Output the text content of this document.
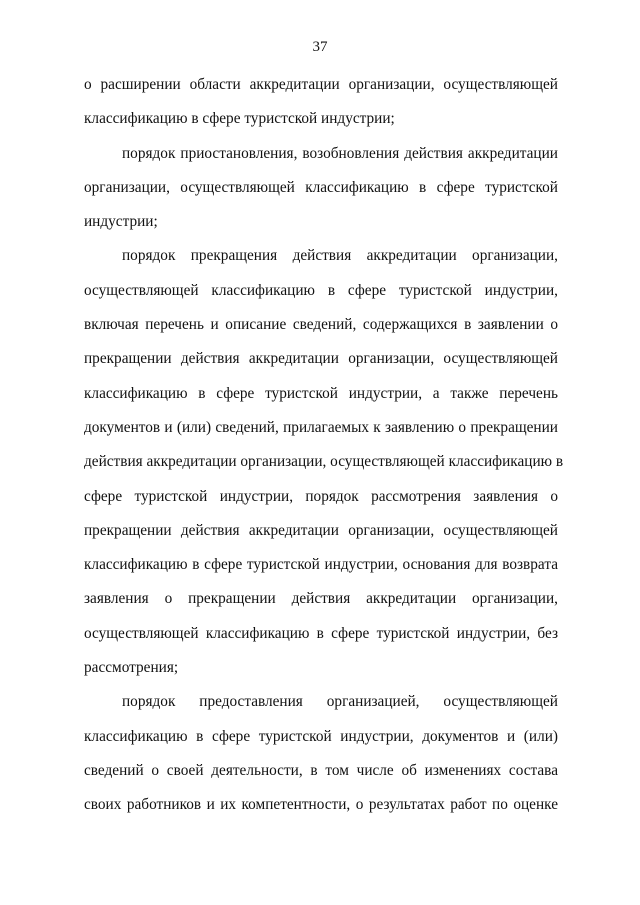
37

о расширении области аккредитации организации, осуществляющей
классификацию в сфере туристской индустрии;

порядок приостановления, возобновления действия аккредитации
организации, осуществляющей классификацию в сфере туристской
индустрии;

порядок прекращения действия аккредитации организации,
осуществляющей классификацию в сфере туристской индустрии,
включая перечень и описание сведений, содержащихся в заявлении о
прекращении действия аккредитации организации, осуществляющей
классификацию в сфере туристской индустрии, а также перечень
документов и (или) сведений, прилагаемых к заявлению о прекращении
действия аккредитации организации, осуществляющей классификацию в
сфере туристской индустрии, порядок рассмотрения заявления о
прекращении действия аккредитации организации, осуществляющей
классификацию в сфере туристской индустрии, основания для возврата
заявления о прекращении действия аккредитации организации,
осуществляющей классификацию в сфере туристской индустрии, без
рассмотрения;

порядок предоставления организацией, осуществляющей
классификацию в сфере туристской индустрии, документов и (или)
сведений о своей деятельности, в том числе об изменениях состава
своих работников и их компетентности, о результатах работ по оценке
